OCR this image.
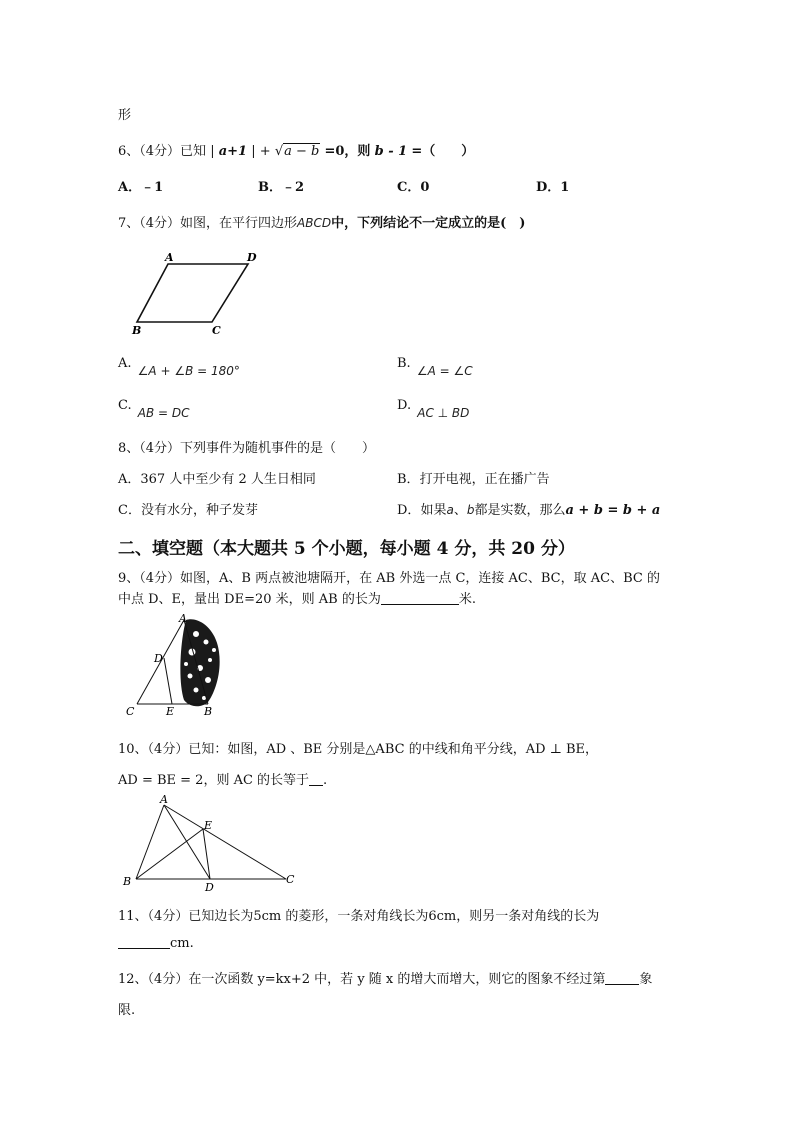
形
6、（4分）已知 | a+1 | + √a − b =0，则 b - 1 =（　　）
A．﹣1	B．﹣2	C．0	D．1
7、（4分）如图，在平行四边形ABCD中，下列结论不一定成立的是(　)
A	D
B	C
A. ∠A + ∠B = 180°	B. ∠A = ∠C
C. AB = DC	D. AC ⊥ BD
8、（4分）下列事件为随机事件的是（　　）
A．367 人中至少有 2 人生日相同	B．打开电视，正在播广告
C．没有水分，种子发芽	D．如果a、b都是实数，那么a + b = b + a
二、填空题（本大题共 5 个小题，每小题 4 分，共 20 分）
9、（4分）如图，A、B 两点被池塘隔开，在 AB 外选一点 C，连接 AC、BC，取 AC、BC 的
中点 D、E，量出 DE=20 米，则 AB 的长为	米.
A
D
C	E	B
10、（4分）已知：如图，AD 、BE 分别是△ABC 的中线和角平分线，AD ⊥ BE，
AD = BE = 2，则 AC 的长等于 .
A
E
B	D
C
11、（4分）已知边长为5cm 的菱形，一条对角线长为6cm，则另一条对角线的长为
cm.
12、（4分）在一次函数 y=kx+2 中，若 y 随 x 的增大而增大，则它的图象不经过第	象
限.
